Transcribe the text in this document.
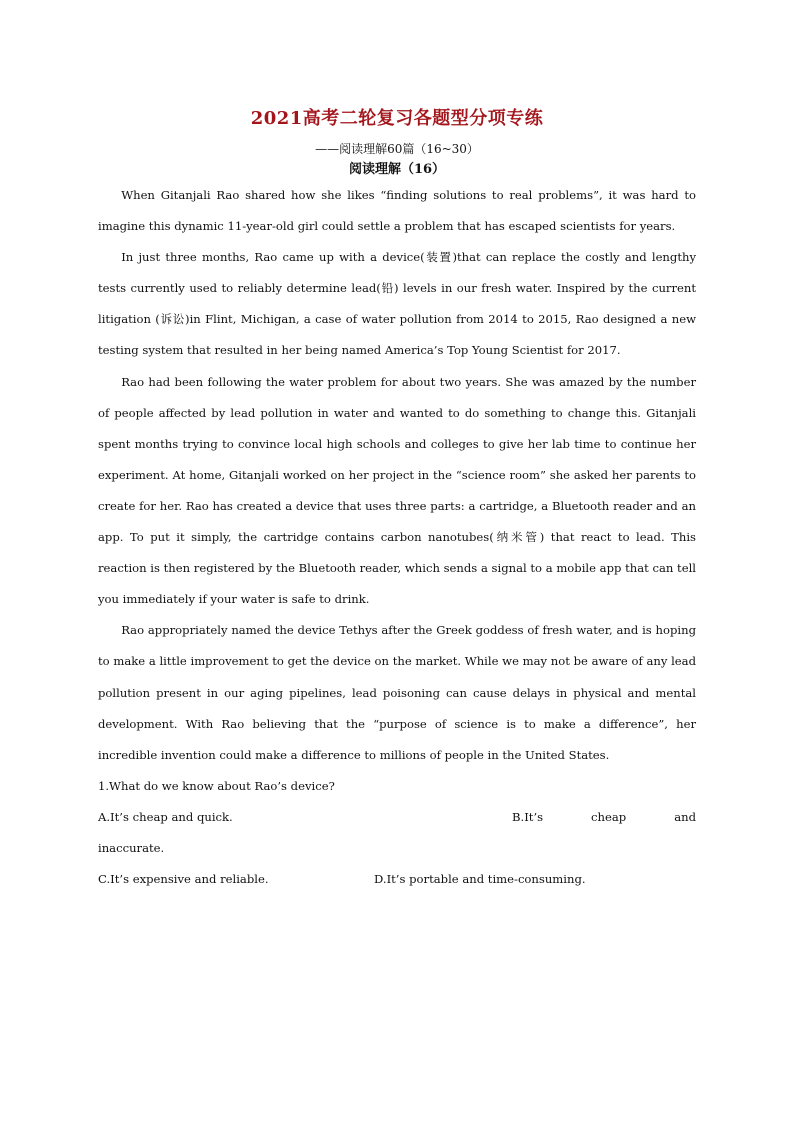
2021高考二轮复习各题型分项专练
——阅读理解60篇（16~30）
阅读理解（16）

When Gitanjali Rao shared how she likes “finding solutions to real problems”, it was hard to imagine this dynamic 11-year-old girl could settle a problem that has escaped scientists for years.

In just three months, Rao came up with a device(装置)that can replace the costly and lengthy tests currently used to reliably determine lead(铅) levels in our fresh water. Inspired by the current litigation (诉讼)in Flint, Michigan, a case of water pollution from 2014 to 2015, Rao designed a new testing system that resulted in her being named America’s Top Young Scientist for 2017.

Rao had been following the water problem for about two years. She was amazed by the number of people affected by lead pollution in water and wanted to do something to change this. Gitanjali spent months trying to convince local high schools and colleges to give her lab time to continue her experiment. At home, Gitanjali worked on her project in the “science room” she asked her parents to create for her. Rao has created a device that uses three parts: a cartridge, a Bluetooth reader and an app. To put it simply, the cartridge contains carbon nanotubes(纳米管) that react to lead. This reaction is then registered by the Bluetooth reader, which sends a signal to a mobile app that can tell you immediately if your water is safe to drink.

Rao appropriately named the device Tethys after the Greek goddess of fresh water, and is hoping to make a little improvement to get the device on the market. While we may not be aware of any lead pollution present in our aging pipelines, lead poisoning can cause delays in physical and mental development. With Rao believing that the “purpose of science is to make a difference”, her incredible invention could make a difference to millions of people in the United States.

1.What do we know about Rao’s device?

A.It’s cheap and quick.	B.It’s cheap and

inaccurate.

C.It’s expensive and reliable.	D.It’s portable and time-consuming.
